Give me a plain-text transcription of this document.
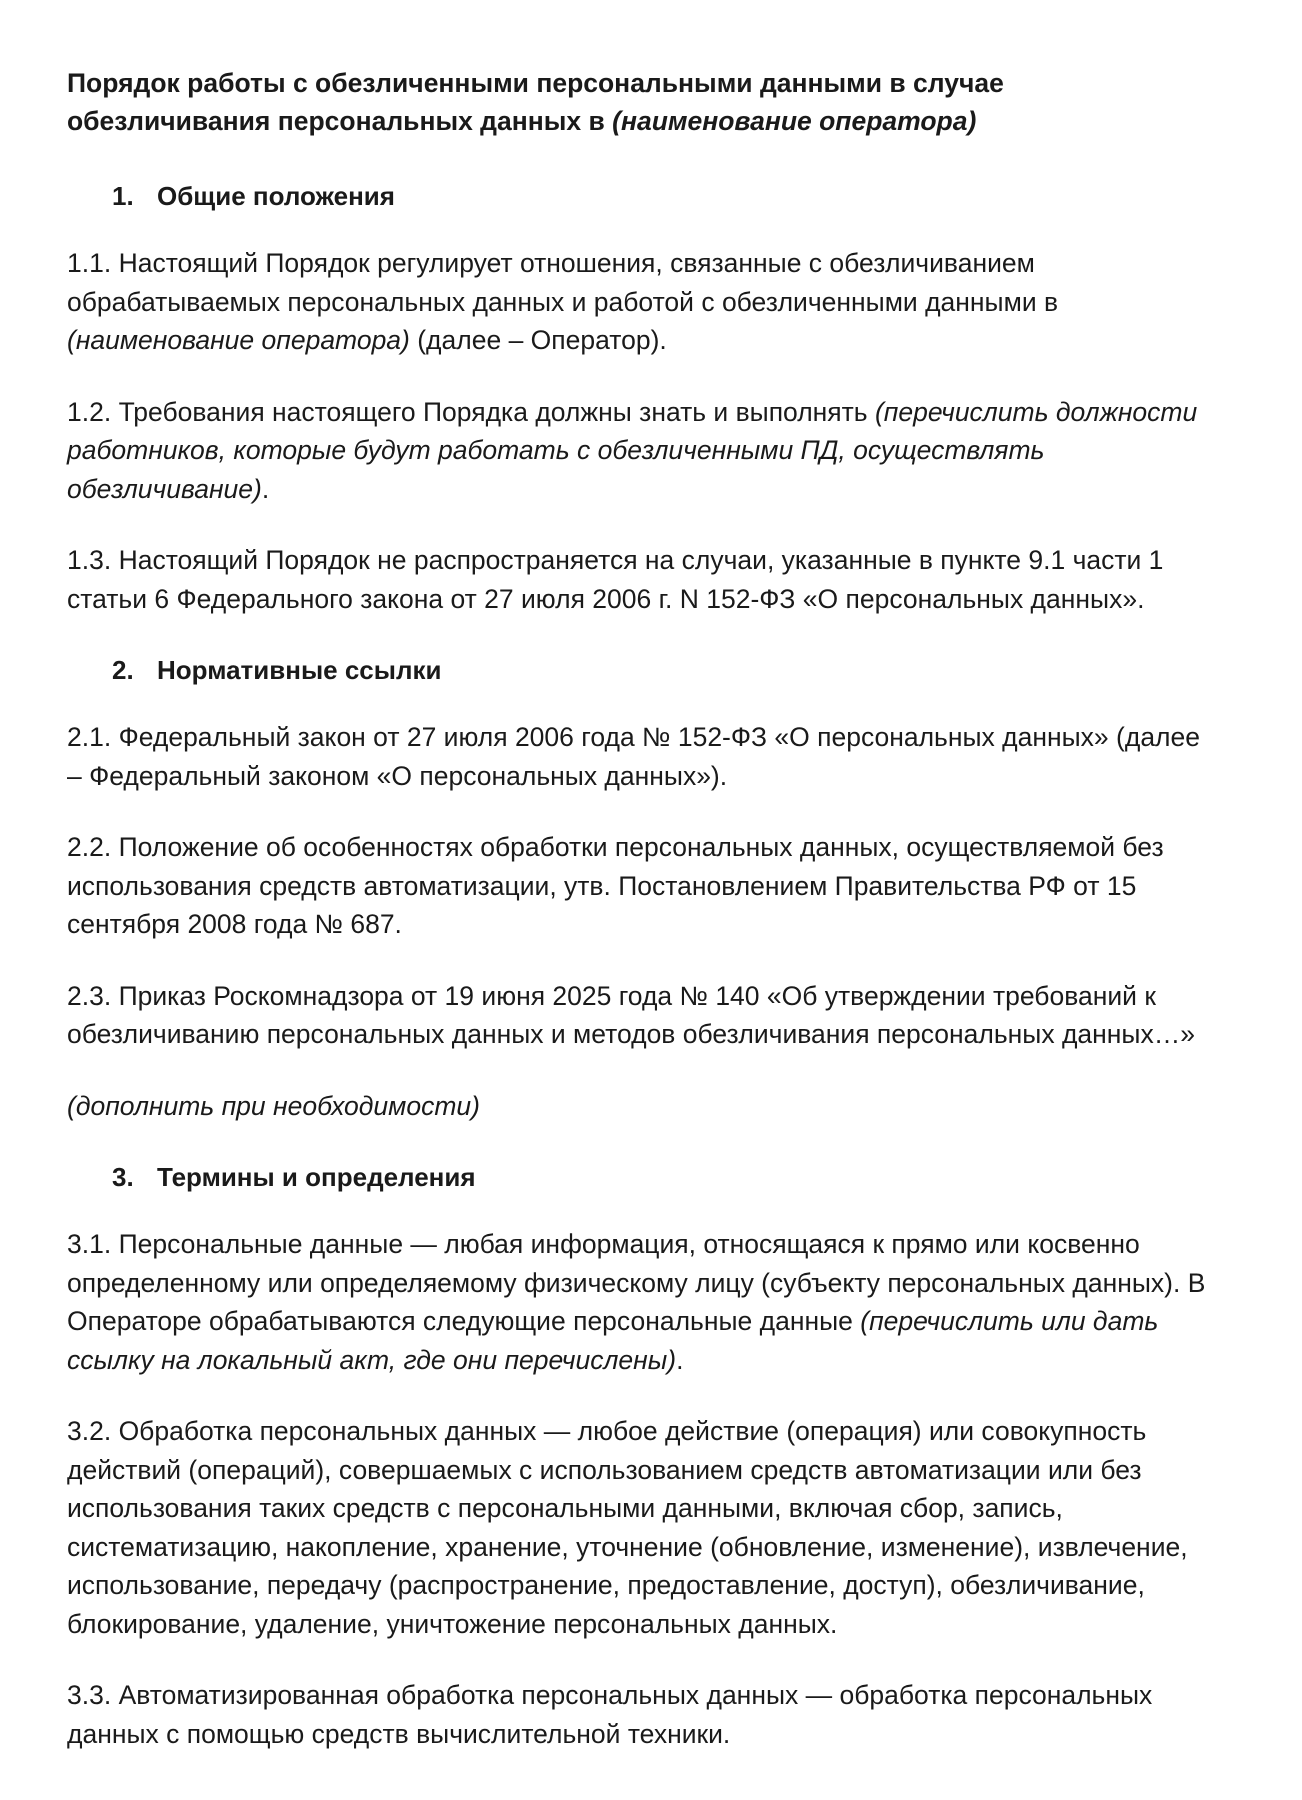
Порядок работы с обезличенными персональными данными в случае обезличивания персональных данных в (наименование оператора)
1. Общие положения

1.1. Настоящий Порядок регулирует отношения, связанные с обезличиванием обрабатываемых персональных данных и работой с обезличенными данными в (наименование оператора) (далее – Оператор).

1.2. Требования настоящего Порядка должны знать и выполнять (перечислить должности работников, которые будут работать с обезличенными ПД, осуществлять обезличивание).

1.3. Настоящий Порядок не распространяется на случаи, указанные в пункте 9.1 части 1 статьи 6 Федерального закона от 27 июля 2006 г. N 152-ФЗ «О персональных данных».

2. Нормативные ссылки

2.1. Федеральный закон от 27 июля 2006 года № 152-ФЗ «О персональных данных» (далее – Федеральный законом «О персональных данных»).

2.2. Положение об особенностях обработки персональных данных, осуществляемой без использования средств автоматизации, утв. Постановлением Правительства РФ от 15 сентября 2008 года № 687.

2.3. Приказ Роскомнадзора от 19 июня 2025 года № 140 «Об утверждении требований к обезличиванию персональных данных и методов обезличивания персональных данных…»

(дополнить при необходимости)

3. Термины и определения

3.1. Персональные данные — любая информация, относящаяся к прямо или косвенно определенному или определяемому физическому лицу (субъекту персональных данных). В Операторе обрабатываются следующие персональные данные (перечислить или дать ссылку на локальный акт, где они перечислены).

3.2. Обработка персональных данных — любое действие (операция) или совокупность действий (операций), совершаемых с использованием средств автоматизации или без использования таких средств с персональными данными, включая сбор, запись, систематизацию, накопление, хранение, уточнение (обновление, изменение), извлечение, использование, передачу (распространение, предоставление, доступ), обезличивание, блокирование, удаление, уничтожение персональных данных.

3.3. Автоматизированная обработка персональных данных — обработка персональных данных с помощью средств вычислительной техники.
